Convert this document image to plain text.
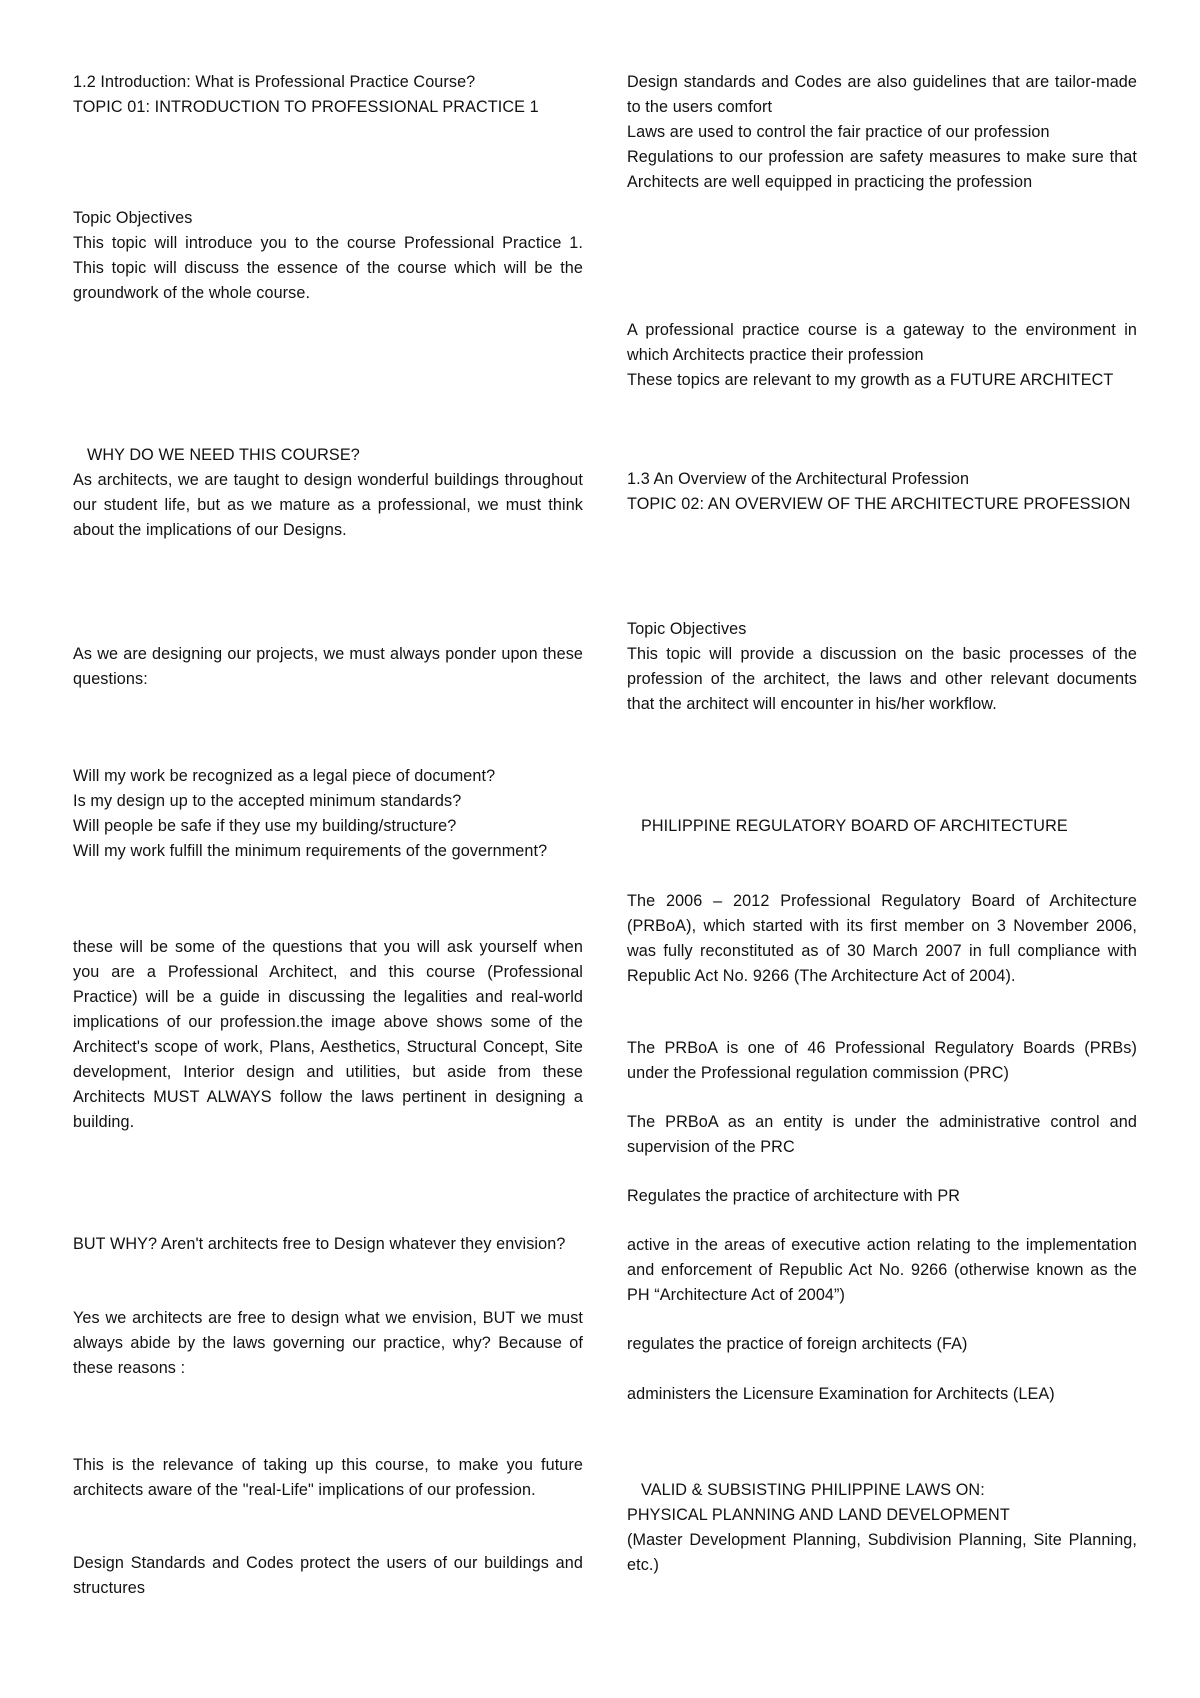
1.2 Introduction: What is Professional Practice Course?
TOPIC 01: INTRODUCTION TO PROFESSIONAL PRACTICE 1

Topic Objectives

This topic will introduce you to the course Professional Practice 1. This topic will discuss the essence of the course which will be the groundwork of the whole course.

WHY DO WE NEED THIS COURSE?

As architects, we are taught to design wonderful buildings throughout our student life, but as we mature as a professional, we must think about the implications of our Designs.

As we are designing our projects, we must always ponder upon these questions:

Will my work be recognized as a legal piece of document?
Is my design up to the accepted minimum standards?
Will people be safe if they use my building/structure?

Will my work fulfill the minimum requirements of the government?

these will be some of the questions that you will ask yourself when you are a Professional Architect, and this course (Professional Practice) will be a guide in discussing the legalities and real-world implications of our profession.the image above shows some of the Architect's scope of work, Plans, Aesthetics, Structural Concept, Site development, Interior design and utilities, but aside from these Architects MUST ALWAYS follow the laws pertinent in designing a building.

BUT WHY? Aren't architects free to Design whatever they envision?

Yes we architects are free to design what we envision, BUT we must always abide by the laws governing our practice, why? Because of these reasons :

This is the relevance of taking up this course, to make you future architects aware of the "real-Life" implications of our profession.

Design Standards and Codes protect the users of our buildings and structures

Design standards and Codes are also guidelines that are tailor-made to the users comfort

Laws are used to control the fair practice of our profession

Regulations to our profession are safety measures to make sure that Architects are well equipped in practicing the profession

A professional practice course is a gateway to the environment in which Architects practice their profession

These topics are relevant to my growth as a FUTURE ARCHITECT

1.3 An Overview of the Architectural Profession
TOPIC 02: AN OVERVIEW OF THE ARCHITECTURE PROFESSION

Topic Objectives

This topic will provide a discussion on the basic processes of the profession of the architect, the laws and other relevant documents that the architect will encounter in his/her workflow.

PHILIPPINE REGULATORY BOARD OF ARCHITECTURE

The 2006 – 2012 Professional Regulatory Board of Architecture (PRBoA), which started with its first member on 3 November 2006, was fully reconstituted as of 30 March 2007 in full compliance with Republic Act No. 9266 (The Architecture Act of 2004).

The PRBoA is one of 46 Professional Regulatory Boards (PRBs) under the Professional regulation commission (PRC)

The PRBoA as an entity is under the administrative control and supervision of the PRC

Regulates the practice of architecture with PR

active in the areas of executive action relating to the implementation and enforcement of Republic Act No. 9266 (otherwise known as the PH “Architecture Act of 2004”)

regulates the practice of foreign architects (FA)

administers the Licensure Examination for Architects (LEA)

VALID & SUBSISTING PHILIPPINE LAWS ON:

PHYSICAL PLANNING AND LAND DEVELOPMENT

(Master Development Planning, Subdivision Planning, Site Planning, etc.)
